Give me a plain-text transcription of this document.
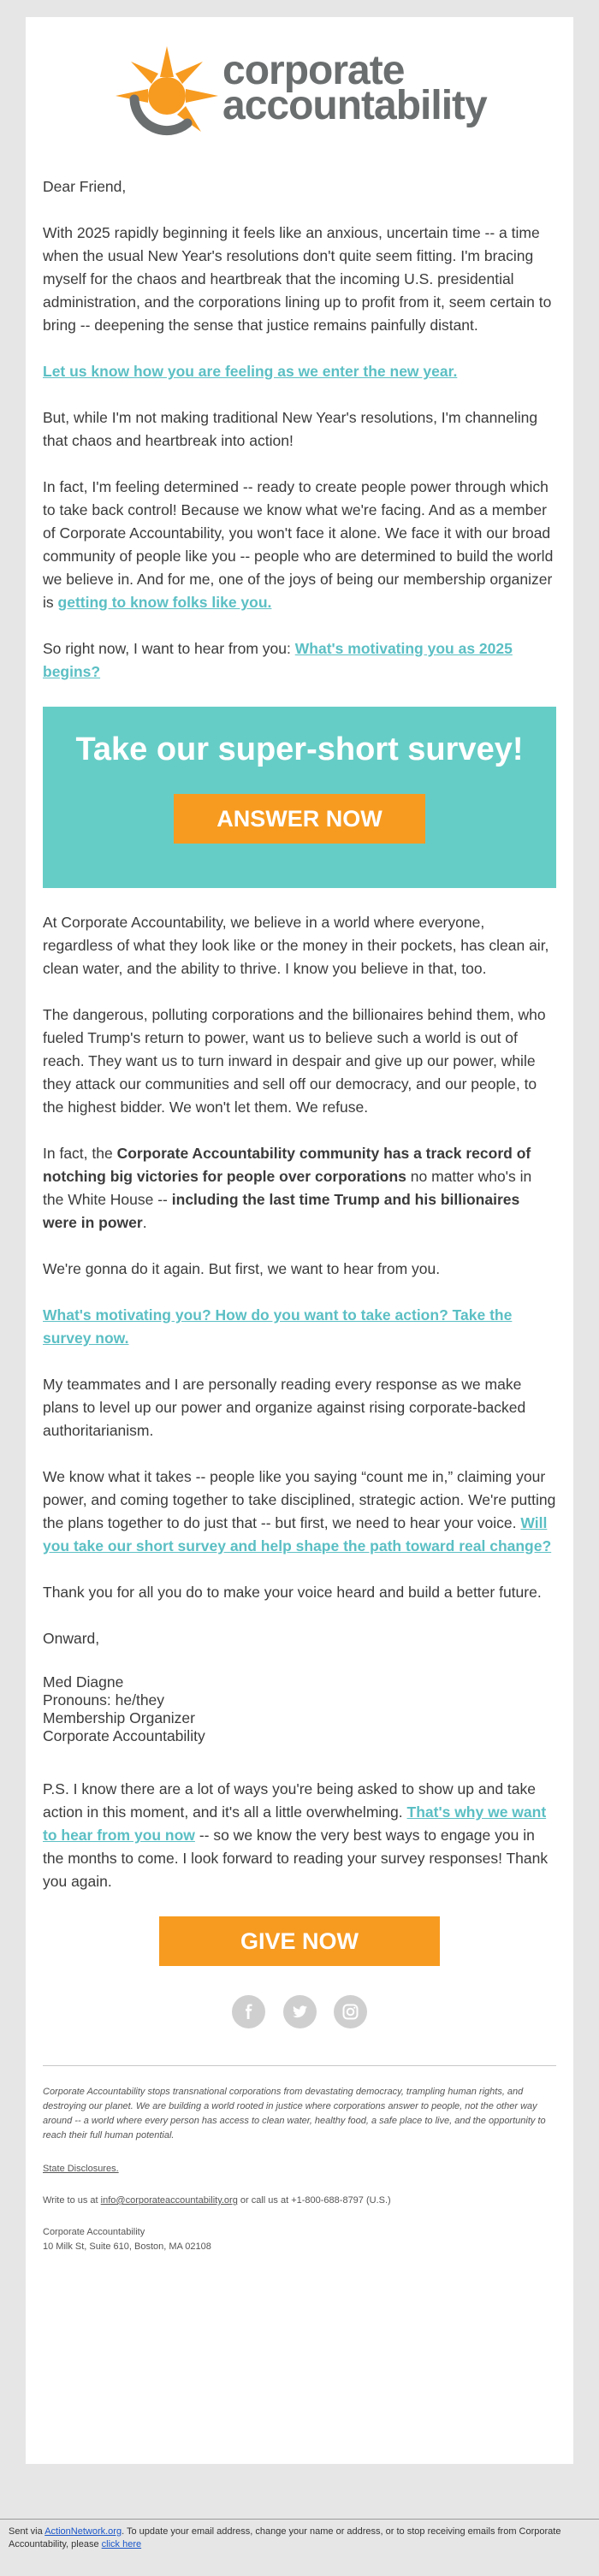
corporate
accountability

Dear Friend,

With 2025 rapidly beginning it feels like an anxious, uncertain time -- a time when the usual New Year's resolutions don't quite seem fitting. I'm bracing myself for the chaos and heartbreak that the incoming U.S. presidential administration, and the corporations lining up to profit from it, seem certain to bring -- deepening the sense that justice remains painfully distant.

Let us know how you are feeling as we enter the new year.

But, while I'm not making traditional New Year's resolutions, I'm channeling that chaos and heartbreak into action!

In fact, I'm feeling determined -- ready to create people power through which to take back control! Because we know what we're facing. And as a member of Corporate Accountability, you won't face it alone. We face it with our broad community of people like you -- people who are determined to build the world we believe in. And for me, one of the joys of being our membership organizer is getting to know folks like you.

So right now, I want to hear from you: What's motivating you as 2025 begins?

Take our super-short survey!
ANSWER NOW

At Corporate Accountability, we believe in a world where everyone, regardless of what they look like or the money in their pockets, has clean air, clean water, and the ability to thrive. I know you believe in that, too.

The dangerous, polluting corporations and the billionaires behind them, who fueled Trump's return to power, want us to believe such a world is out of reach. They want us to turn inward in despair and give up our power, while they attack our communities and sell off our democracy, and our people, to the highest bidder. We won't let them. We refuse.

In fact, the Corporate Accountability community has a track record of notching big victories for people over corporations no matter who's in the White House -- including the last time Trump and his billionaires were in power.

We're gonna do it again. But first, we want to hear from you.

What's motivating you? How do you want to take action? Take the survey now.

My teammates and I are personally reading every response as we make plans to level up our power and organize against rising corporate-backed authoritarianism.

We know what it takes -- people like you saying “count me in,” claiming your power, and coming together to take disciplined, strategic action. We're putting the plans together to do just that -- but first, we need to hear your voice. Will you take our short survey and help shape the path toward real change?

Thank you for all you do to make your voice heard and build a better future.

Onward,

Med Diagne
Pronouns: he/they
Membership Organizer
Corporate Accountability

P.S. I know there are a lot of ways you're being asked to show up and take action in this moment, and it's all a little overwhelming. That's why we want to hear from you now -- so we know the very best ways to engage you in the months to come. I look forward to reading your survey responses! Thank you again.

GIVE NOW

Corporate Accountability stops transnational corporations from devastating democracy, trampling human rights, and destroying our planet. We are building a world rooted in justice where corporations answer to people, not the other way around -- a world where every person has access to clean water, healthy food, a safe place to live, and the opportunity to reach their full human potential.

State Disclosures.

Write to us at info@corporateaccountability.org or call us at +1-800-688-8797 (U.S.)

Corporate Accountability
10 Milk St, Suite 610, Boston, MA 02108

Sent via ActionNetwork.org. To update your email address, change your name or address, or to stop receiving emails from Corporate Accountability, please click here
